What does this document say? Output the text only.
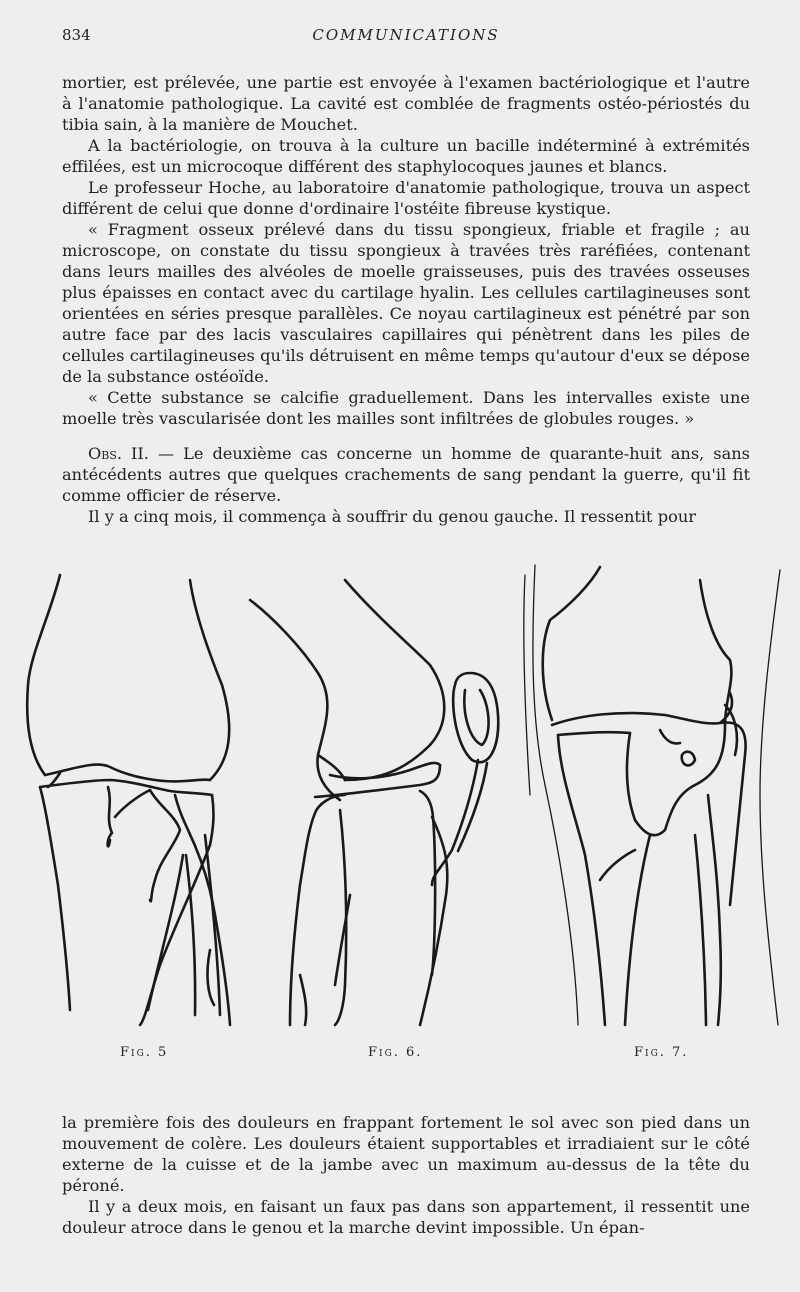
834	COMMUNICATIONS

mortier, est prélevée, une partie est envoyée à l'examen bactériologique et l'autre à l'anatomie pathologique. La cavité est comblée de fragments ostéo-périostés du tibia sain, à la manière de Mouchet.

A la bactériologie, on trouva à la culture un bacille indéterminé à extrémités effilées, est un microcoque différent des staphylocoques jaunes et blancs.

Le professeur Hoche, au laboratoire d'anatomie pathologique, trouva un aspect différent de celui que donne d'ordinaire l'ostéite fibreuse kystique.

« Fragment osseux prélevé dans du tissu spongieux, friable et fragile ; au microscope, on constate du tissu spongieux à travées très raréfiées, contenant dans leurs mailles des alvéoles de moelle graisseuses, puis des travées osseuses plus épaisses en contact avec du cartilage hyalin. Les cellules cartilagineuses sont orientées en séries presque parallèles. Ce noyau cartilagineux est pénétré par son autre face par des lacis vasculaires capillaires qui pénètrent dans les piles de cellules cartilagineuses qu'ils détruisent en même temps qu'autour d'eux se dépose de la substance ostéoïde.

« Cette substance se calcifie graduellement. Dans les intervalles existe une moelle très vascularisée dont les mailles sont infiltrées de globules rouges. »

Obs. II. — Le deuxième cas concerne un homme de quarante-huit ans, sans antécédents autres que quelques crachements de sang pendant la guerre, qu'il fit comme officier de réserve.

Il y a cinq mois, il commença à souffrir du genou gauche. Il ressentit pour

Fig. 5	Fig. 6.	Fig. 7.

la première fois des douleurs en frappant fortement le sol avec son pied dans un mouvement de colère. Les douleurs étaient supportables et irradiaient sur le côté externe de la cuisse et de la jambe avec un maximum au-dessus de la tête du péroné.

Il y a deux mois, en faisant un faux pas dans son appartement, il ressentit une douleur atroce dans le genou et la marche devint impossible. Un épan-
